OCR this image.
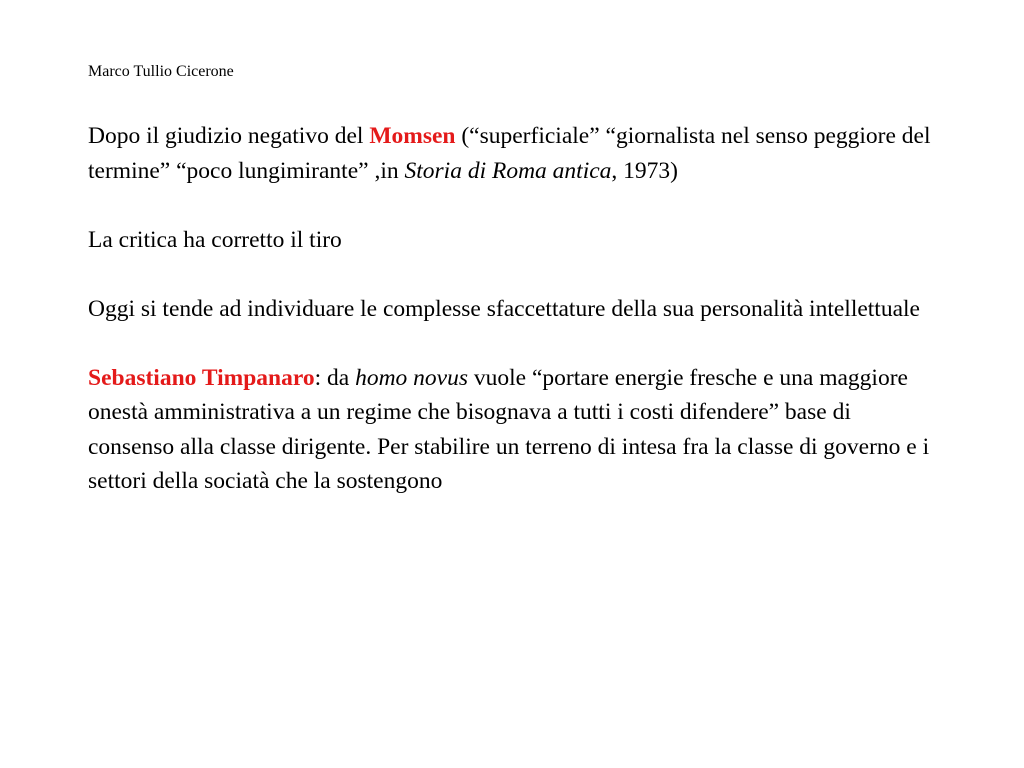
Marco Tullio Cicerone

Dopo il giudizio negativo del Momsen (“superficiale” “giornalista nel senso peggiore del termine” “poco lungimirante” ,in Storia di Roma antica, 1973)

La critica ha corretto il tiro

Oggi si tende ad individuare le complesse sfaccettature della sua personalità intellettuale

Sebastiano Timpanaro: da homo novus vuole “portare energie fresche e una maggiore onestà amministrativa a un regime che bisognava a tutti i costi difendere” base di consenso alla classe dirigente. Per stabilire un terreno di intesa fra la classe di governo e i settori della sociatà che la sostengono
